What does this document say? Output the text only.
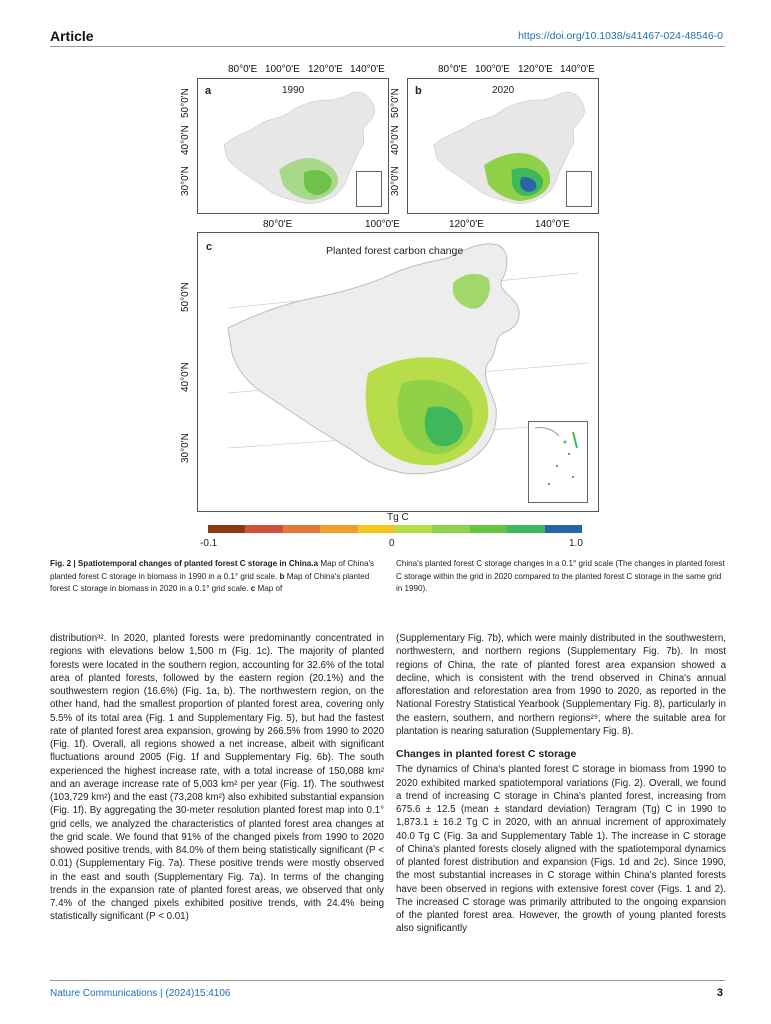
Article	https://doi.org/10.1038/s41467-024-48546-0
80°0'E 100°0'E 120°0'E 140°0'E
30°0'N
40°0'N
50°0'N a	1990
80°0'E 100°0'E 120°0'E 140°0'E
30°0'N
40°0'N
50°0'N b	2020
80°0'E	100°0'E	120°0'E	140°0'E
50°0'N
40°0'N
30°0'N
c	Planted forest carbon change
Tg C
-0.1	0	1.0
Fig. 2 | Spatiotemporal changes of planted forest C storage in China.a Map of China's planted forest C storage in biomass in 1990 in a 0.1° grid scale. b Map of China's planted forest C storage in biomass in 2020 in a 0.1° grid scale. c Map of
China's planted forest C storage changes in a 0.1° grid scale (The changes in planted forest C storage within the grid in 2020 compared to the planted forest C storage in the same grid in 1990).

distribution³². In 2020, planted forests were predominantly concentrated in regions with elevations below 1,500 m (Fig. 1c). The majority of planted forests were located in the southern region, accounting for 32.6% of the total area of planted forests, followed by the eastern region (20.1%) and the southwestern region (16.6%) (Fig. 1a, b). The northwestern region, on the other hand, had the smallest proportion of planted forest area, covering only 5.5% of its total area (Fig. 1 and Supplementary Fig. 5), but had the fastest rate of planted forest area expansion, growing by 266.5% from 1990 to 2020 (Fig. 1f). Overall, all regions showed a net increase, albeit with significant fluctuations around 2005 (Fig. 1f and Supplementary Fig. 6b). The south experienced the highest increase rate, with a total increase of 150,088 km² and an average increase rate of 5,003 km² per year (Fig. 1f). The southwest (103,729 km²) and the east (73,208 km²) also exhibited substantial expansion (Fig. 1f). By aggregating the 30-meter resolution planted forest map into 0.1° grid cells, we analyzed the characteristics of planted forest area changes at the grid scale. We found that 91% of the changed pixels from 1990 to 2020 showed positive trends, with 84.0% of them being statistically significant (P < 0.01) (Supplementary Fig. 7a). These positive trends were mostly observed in the east and south (Supplementary Fig. 7a). In terms of the changing trends in the expansion rate of planted forest areas, we observed that only 7.4% of the changed pixels exhibited positive trends, with 24.4% being statistically significant (P < 0.01)

(Supplementary Fig. 7b), which were mainly distributed in the southwestern, northwestern, and northern regions (Supplementary Fig. 7b). In most regions of China, the rate of planted forest area expansion showed a decline, which is consistent with the trend observed in China's annual afforestation and reforestation area from 1990 to 2020, as reported in the National Forestry Statistical Yearbook (Supplementary Fig. 8), particularly in the eastern, southern, and northern regions²⁹, where the suitable area for plantation is nearing saturation (Supplementary Fig. 8).

Changes in planted forest C storage

The dynamics of China's planted forest C storage in biomass from 1990 to 2020 exhibited marked spatiotemporal variations (Fig. 2). Overall, we found a trend of increasing C storage in China's planted forest, increasing from 675.6 ± 12.5 (mean ± standard deviation) Teragram (Tg) C in 1990 to 1,873.1 ± 16.2 Tg C in 2020, with an annual increment of approximately 40.0 Tg C (Fig. 3a and Supplementary Table 1). The increase in C storage of China's planted forests closely aligned with the spatiotemporal dynamics of planted forest distribution and expansion (Figs. 1d and 2c). Since 1990, the most substantial increases in C storage within China's planted forests have been observed in regions with extensive forest cover (Figs. 1 and 2). The increased C storage was primarily attributed to the ongoing expansion of the planted forest area. However, the growth of young planted forests also significantly

Nature Communications | (2024)15:4106	3
